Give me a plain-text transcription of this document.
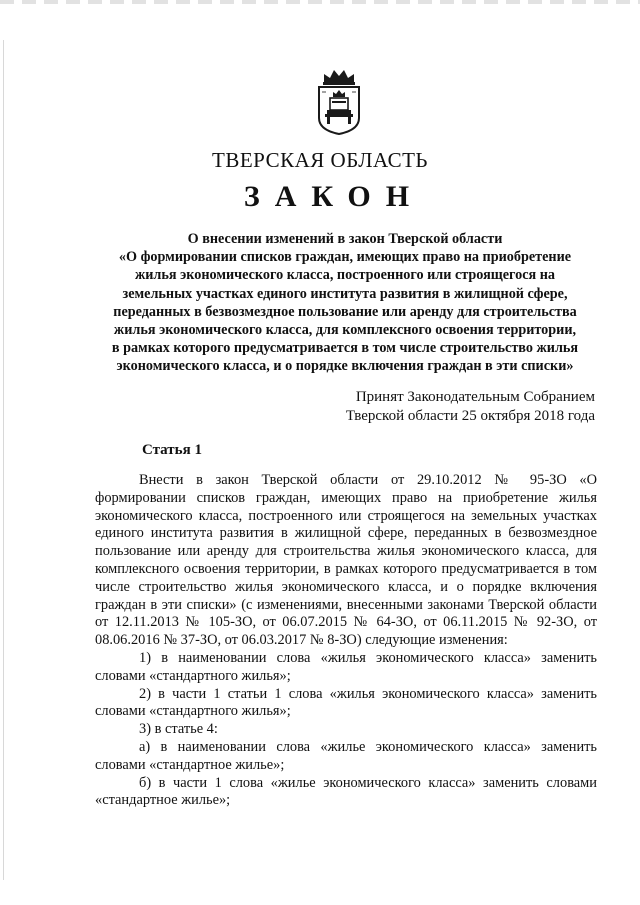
ТВЕРСКАЯ ОБЛАСТЬ
ЗАКОН
О внесении изменений в закон Тверской области
«О формировании списков граждан, имеющих право на приобретение
жилья экономического класса, построенного или строящегося на
земельных участках единого института развития в жилищной сфере,
переданных в безвозмездное пользование или аренду для строительства
жилья экономического класса, для комплексного освоения территории,
в рамках которого предусматривается в том числе строительство жилья
экономического класса, и о порядке включения граждан в эти списки»
Принят Законодательным Собранием
Тверской области 25 октября 2018 года
Статья 1

Внести в закон Тверской области от 29.10.2012 № 95-ЗО «О формировании списков граждан, имеющих право на приобретение жилья экономического класса, построенного или строящегося на земельных участках единого института развития в жилищной сфере, переданных в безвозмездное пользование или аренду для строительства жилья экономического класса, для комплексного освоения территории, в рамках которого предусматривается в том числе строительство жилья экономического класса, и о порядке включения граждан в эти списки» (с изменениями, внесенными законами Тверской области от 12.11.2013 № 105-ЗО, от 06.07.2015 № 64-ЗО, от 06.11.2015 № 92-ЗО, от 08.06.2016 № 37-ЗО, от 06.03.2017 № 8-ЗО) следующие изменения:

1) в наименовании слова «жилья экономического класса» заменить словами «стандартного жилья»;

2) в части 1 статьи 1 слова «жилья экономического класса» заменить словами «стандартного жилья»;

3) в статье 4:

а) в наименовании слова «жилье экономического класса» заменить словами «стандартное жилье»;

б) в части 1 слова «жилье экономического класса» заменить словами «стандартное жилье»;
